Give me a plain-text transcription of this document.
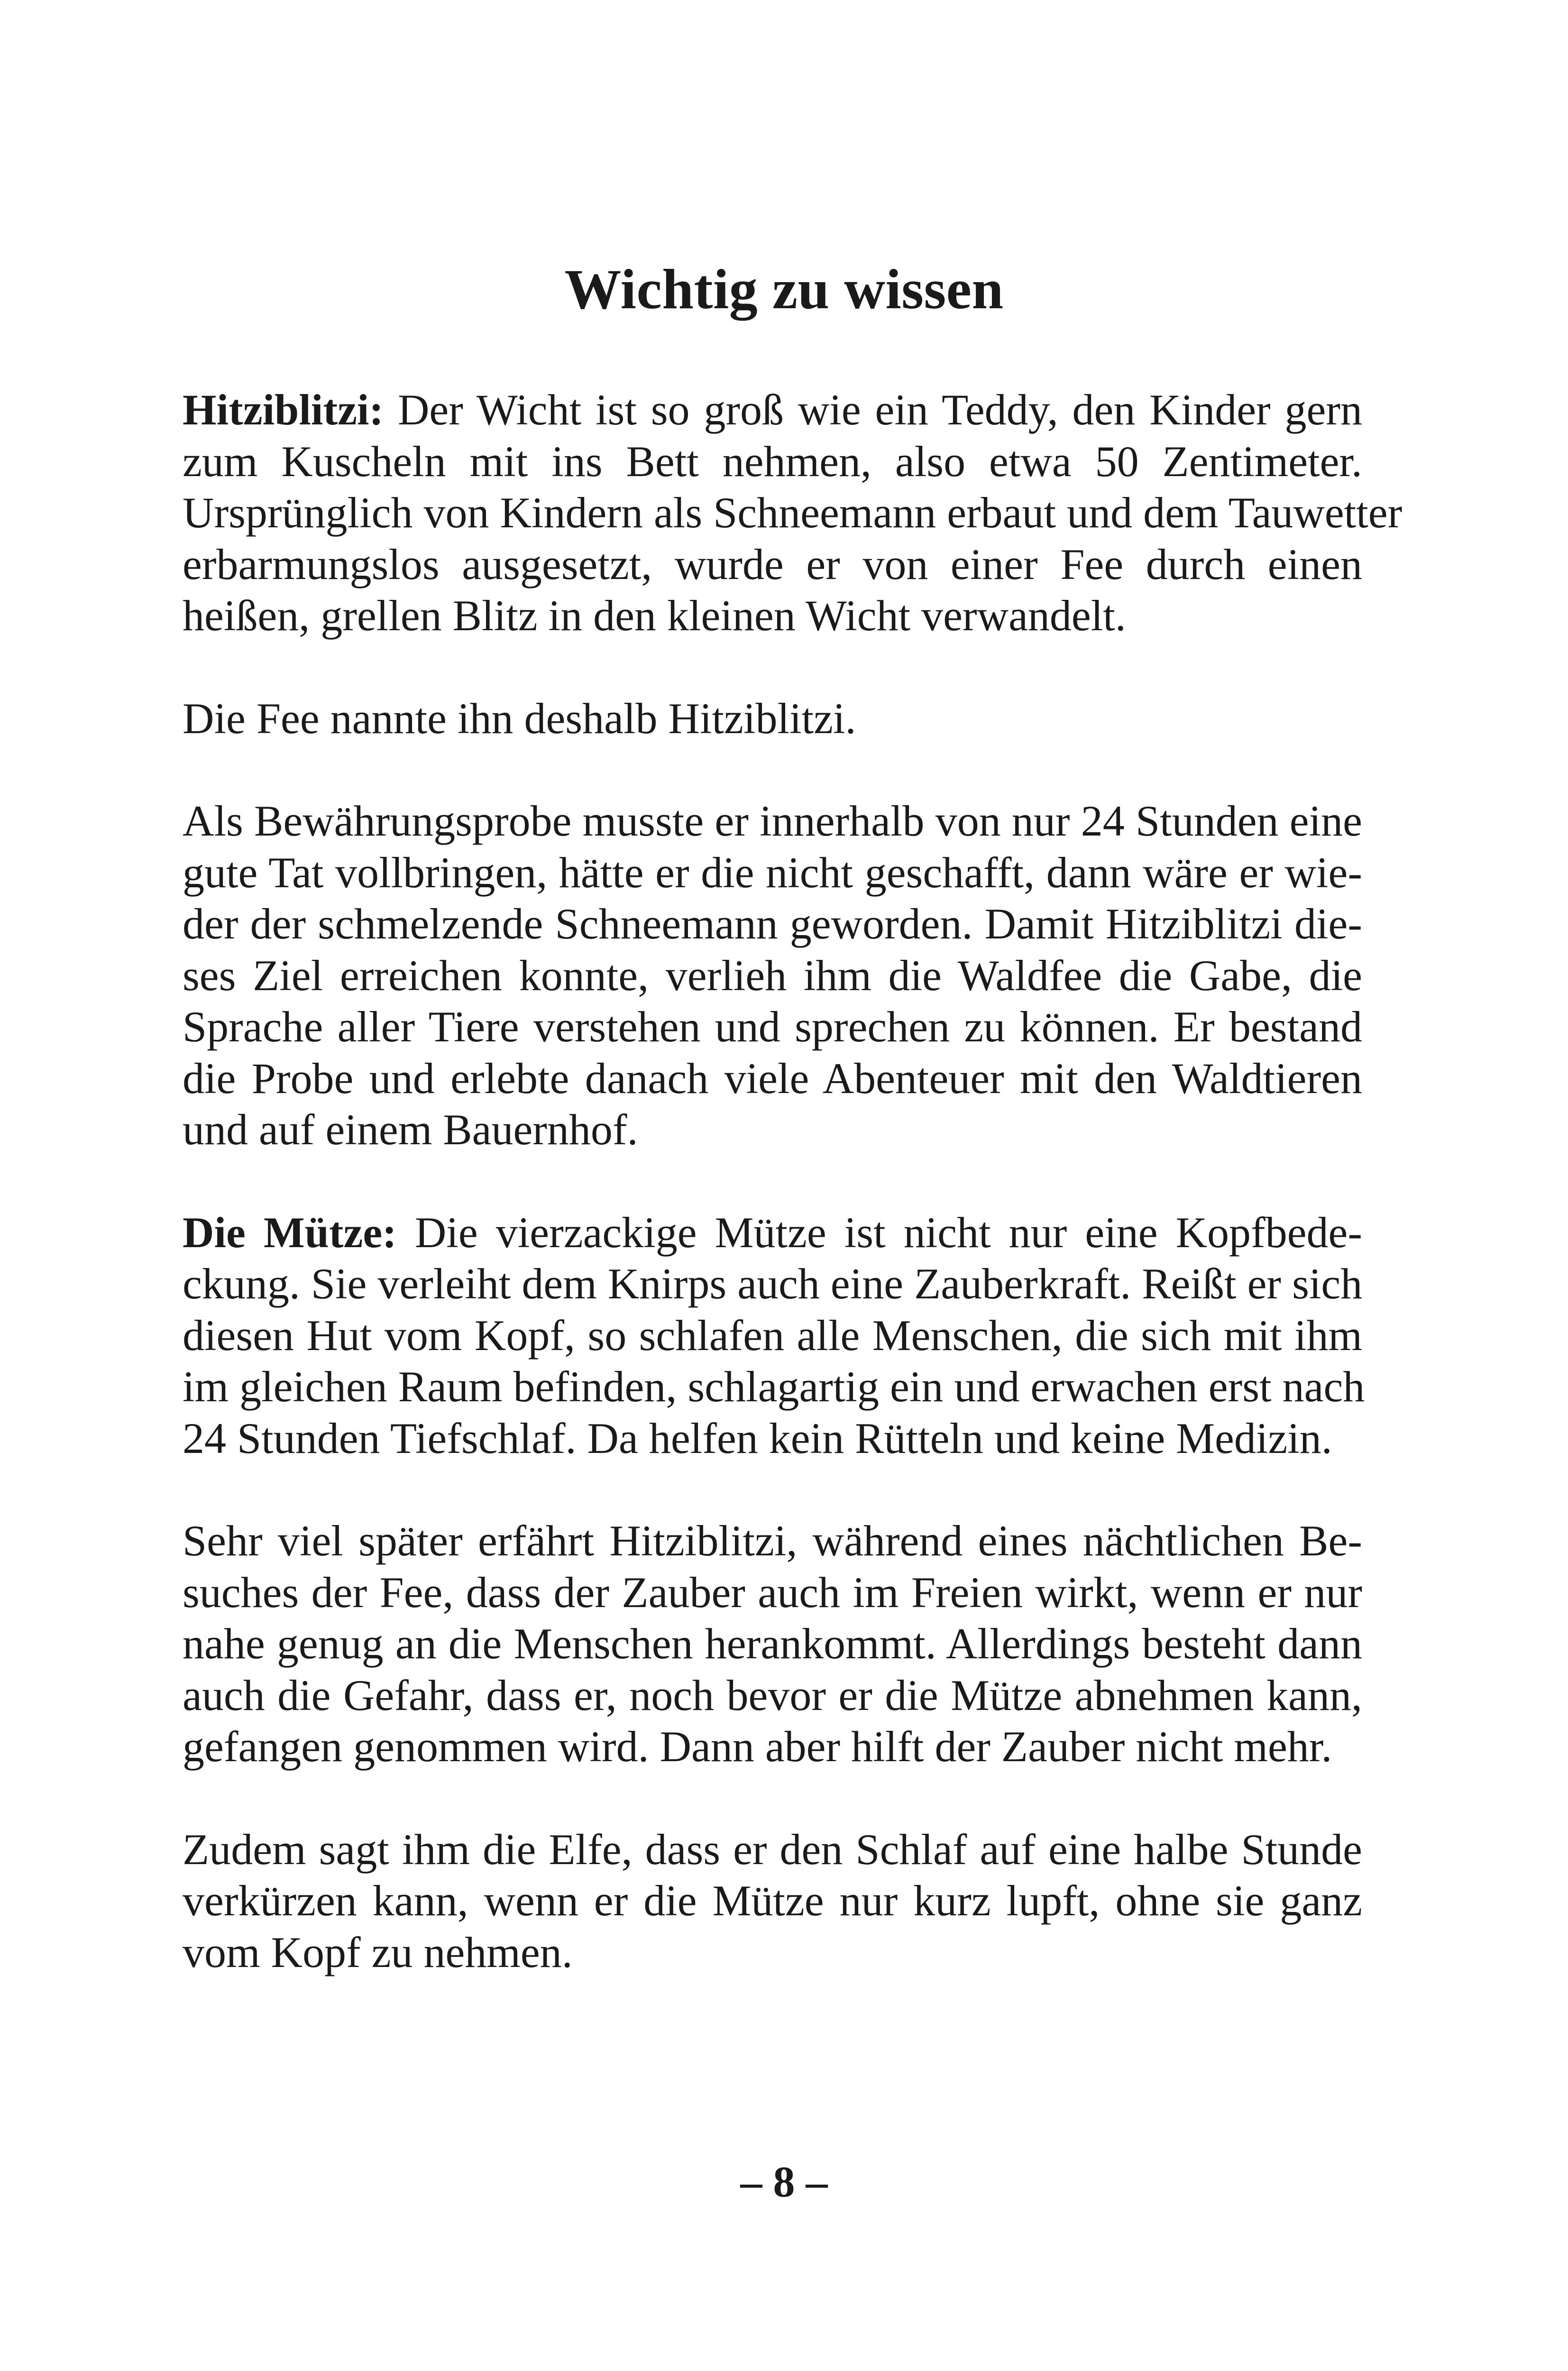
Wichtig zu wissen
Hitziblitzi: Der Wicht ist so groß wie ein Teddy, den Kinder gern
zum Kuscheln mit ins Bett nehmen, also etwa 50 Zentimeter.
Ursprünglich von Kindern als Schneemann erbaut und dem Tauwetter
erbarmungslos ausgesetzt, wurde er von einer Fee durch einen
heißen, grellen Blitz in den kleinen Wicht verwandelt.
Die Fee nannte ihn deshalb Hitziblitzi.
Als Bewährungsprobe musste er innerhalb von nur 24 Stunden eine
gute Tat vollbringen, hätte er die nicht geschafft, dann wäre er wie-
der der schmelzende Schneemann geworden. Damit Hitziblitzi die-
ses Ziel erreichen konnte, verlieh ihm die Waldfee die Gabe, die
Sprache aller Tiere verstehen und sprechen zu können. Er bestand
die Probe und erlebte danach viele Abenteuer mit den Waldtieren
und auf einem Bauernhof.
Die Mütze: Die vierzackige Mütze ist nicht nur eine Kopfbede-
ckung. Sie verleiht dem Knirps auch eine Zauberkraft. Reißt er sich
diesen Hut vom Kopf, so schlafen alle Menschen, die sich mit ihm
im gleichen Raum befinden, schlagartig ein und erwachen erst nach
24 Stunden Tiefschlaf. Da helfen kein Rütteln und keine Medizin.
Sehr viel später erfährt Hitziblitzi, während eines nächtlichen Be-
suches der Fee, dass der Zauber auch im Freien wirkt, wenn er nur
nahe genug an die Menschen herankommt. Allerdings besteht dann
auch die Gefahr, dass er, noch bevor er die Mütze abnehmen kann,
gefangen genommen wird. Dann aber hilft der Zauber nicht mehr.
Zudem sagt ihm die Elfe, dass er den Schlaf auf eine halbe Stunde
verkürzen kann, wenn er die Mütze nur kurz lupft, ohne sie ganz
vom Kopf zu nehmen.
– 8 –
